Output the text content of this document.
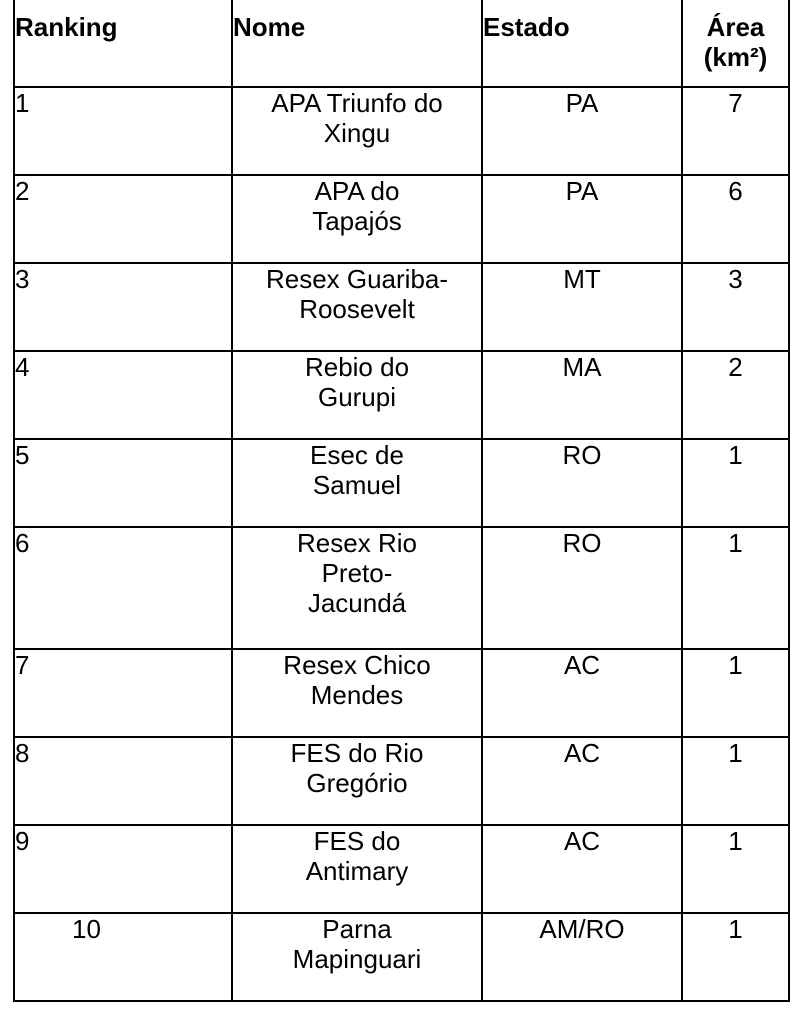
Ranking	Nome	Estado	Área
(km²)

1	APA Triunfo do Xingu	PA	7
2	APA do Tapajós	PA	6
3	Resex Guariba-Roosevelt	MT	3
4	Rebio do Gurupi	MA	2
5	Esec de Samuel	RO	1
6	Resex Rio Preto-Jacundá	RO	1
7	Resex Chico Mendes	AC	1
8	FES do Rio Gregório	AC	1
9	FES do Antimary	AC	1
10	Parna Mapinguari	AM/RO	1
